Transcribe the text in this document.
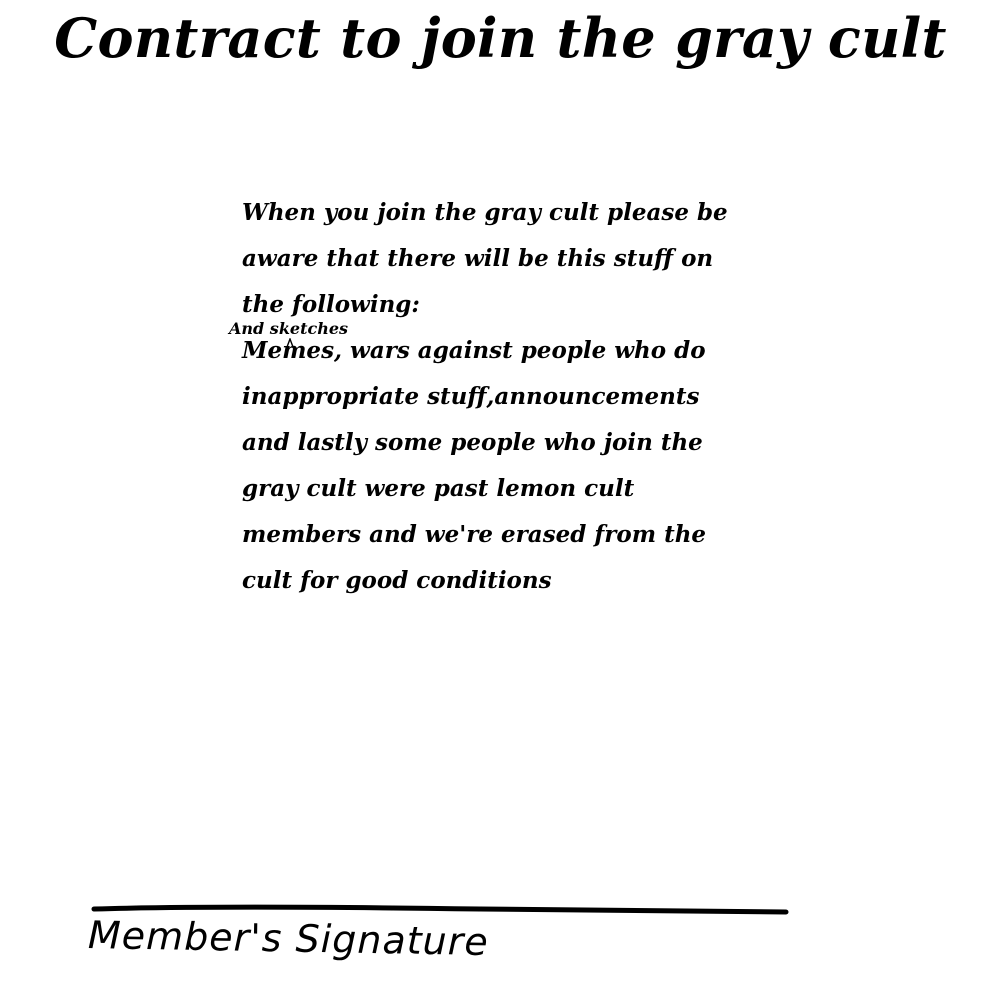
Contract to join the gray cult
When you join the gray cult please be
aware that there will be this stuff on
the following:
Memes, wars against people who do
inappropriate stuff,announcements
and lastly some people who join the
gray cult were past lemon cult
members and we're erased from the
cult for good conditions
And sketches
Member's Signature
